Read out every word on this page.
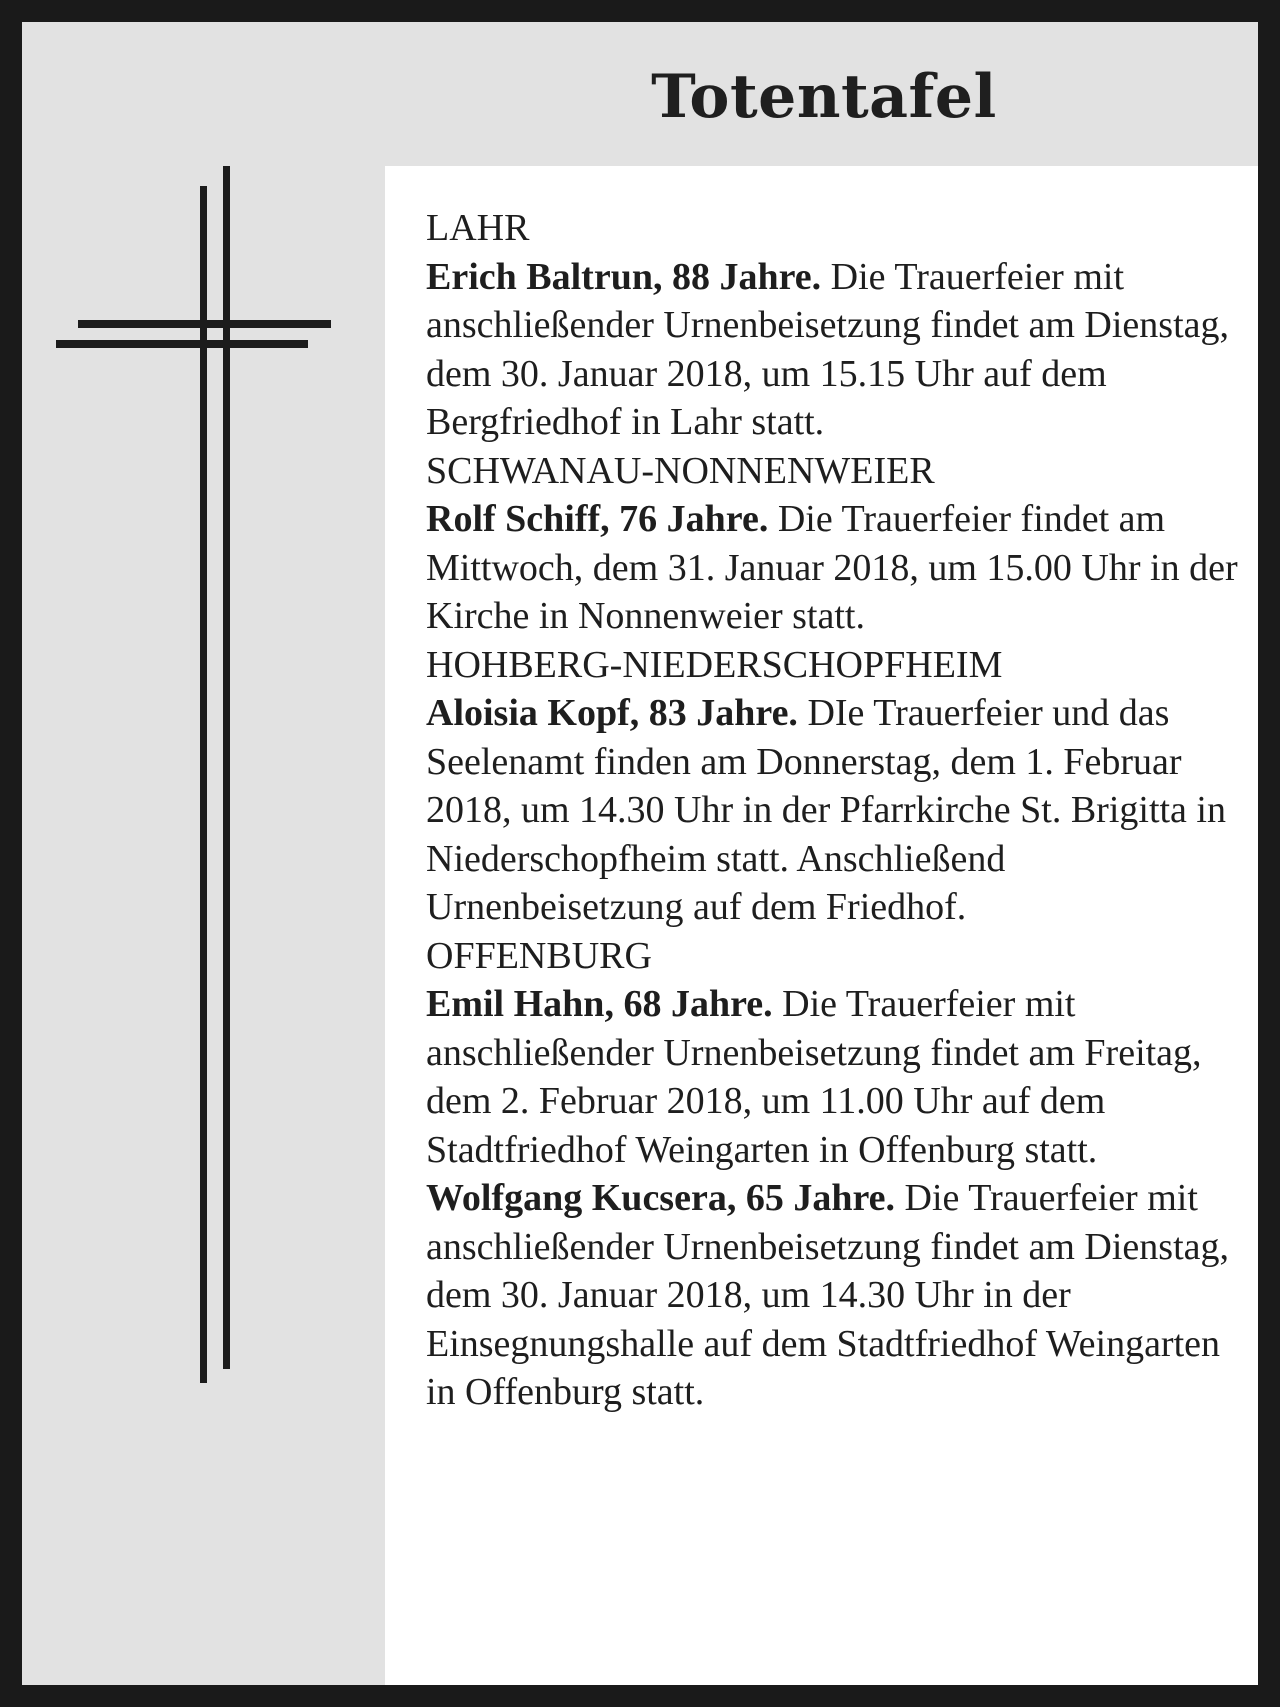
Totentafel
LAHR

Erich Baltrun, 88 Jahre. Die Trauerfeier mit anschließender Urnenbeisetzung findet am Dienstag, dem 30. Januar 2018, um 15.15 Uhr auf dem Bergfriedhof in Lahr statt.

SCHWANAU-NONNENWEIER

Rolf Schiff, 76 Jahre. Die Trauerfeier findet am Mittwoch, dem 31. Januar 2018, um 15.00 Uhr in der Kirche in Nonnenweier statt.

HOHBERG-NIEDERSCHOPFHEIM

Aloisia Kopf, 83 Jahre. DIe Trauerfeier und das Seelenamt finden am Donnerstag, dem 1. Februar 2018, um 14.30 Uhr in der Pfarrkirche St. Brigitta in Niederschopfheim statt. Anschließend Urnenbeisetzung auf dem Friedhof.

OFFENBURG

Emil Hahn, 68 Jahre. Die Trauerfeier mit anschließender Urnenbeisetzung findet am Freitag, dem 2. Februar 2018, um 11.00 Uhr auf dem Stadtfriedhof Weingarten in Offenburg statt.

Wolfgang Kucsera, 65 Jahre. Die Trauerfeier mit anschließender Urnenbeisetzung findet am Dienstag, dem 30. Januar 2018, um 14.30 Uhr in der Einsegnungshalle auf dem Stadtfriedhof Weingarten in Offenburg statt.
